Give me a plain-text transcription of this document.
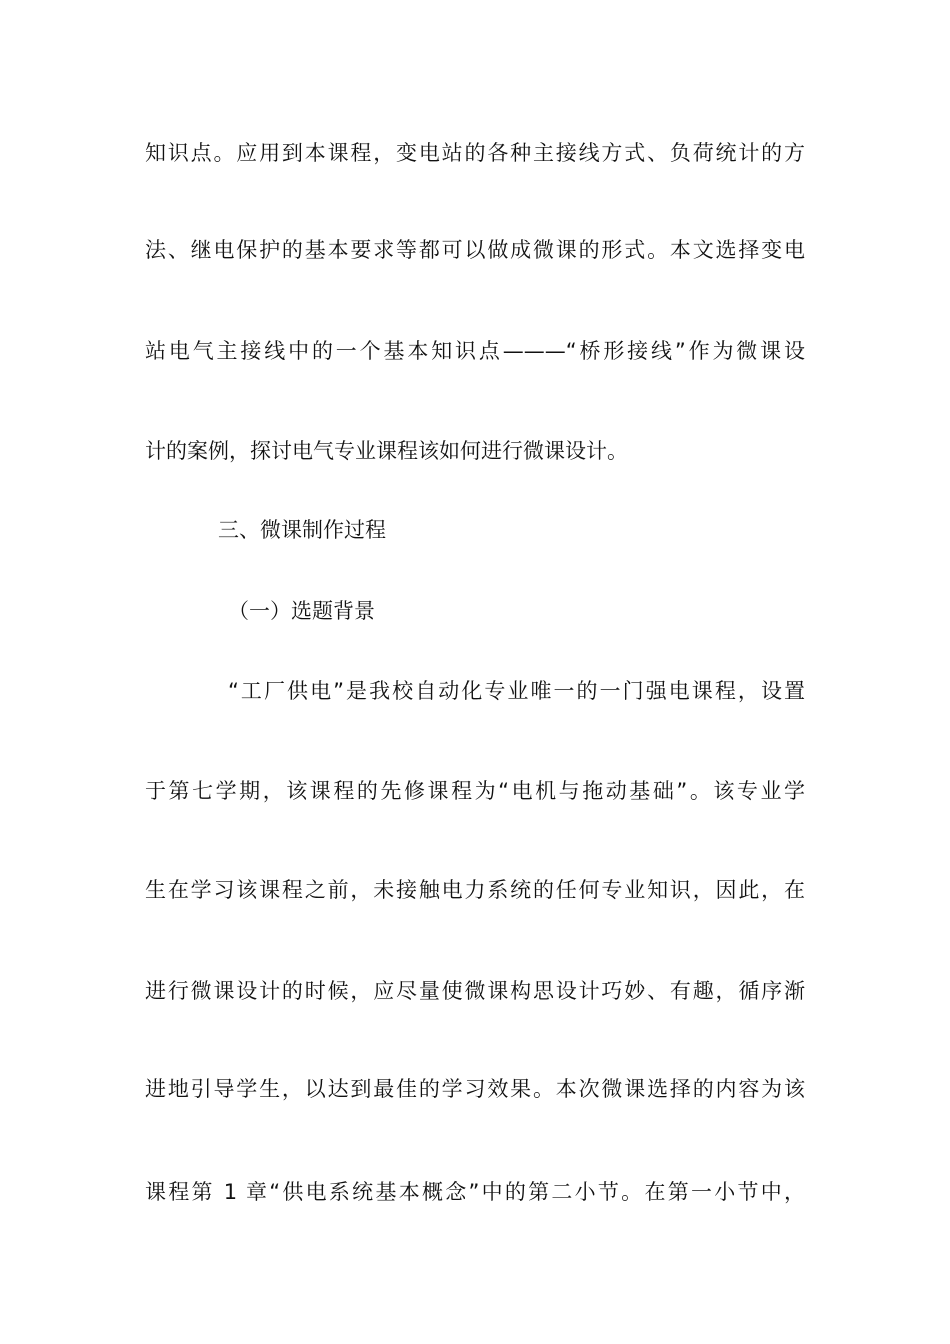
知识点。应用到本课程，变电站的各种主接线方式、负荷统计的方
法、继电保护的基本要求等都可以做成微课的形式。本文选择变电
站电气主接线中的一个基本知识点———“桥形接线”作为微课设
计的案例，探讨电气专业课程该如何进行微课设计。
三、微课制作过程
（一）选题背景
“工厂供电”是我校自动化专业唯一的一门强电课程，设置
于第七学期，该课程的先修课程为“电机与拖动基础”。该专业学
生在学习该课程之前，未接触电力系统的任何专业知识，因此，在
进行微课设计的时候，应尽量使微课构思设计巧妙、有趣，循序渐
进地引导学生，以达到最佳的学习效果。本次微课选择的内容为该
课程第 1 章“供电系统基本概念”中的第二小节。在第一小节中，
